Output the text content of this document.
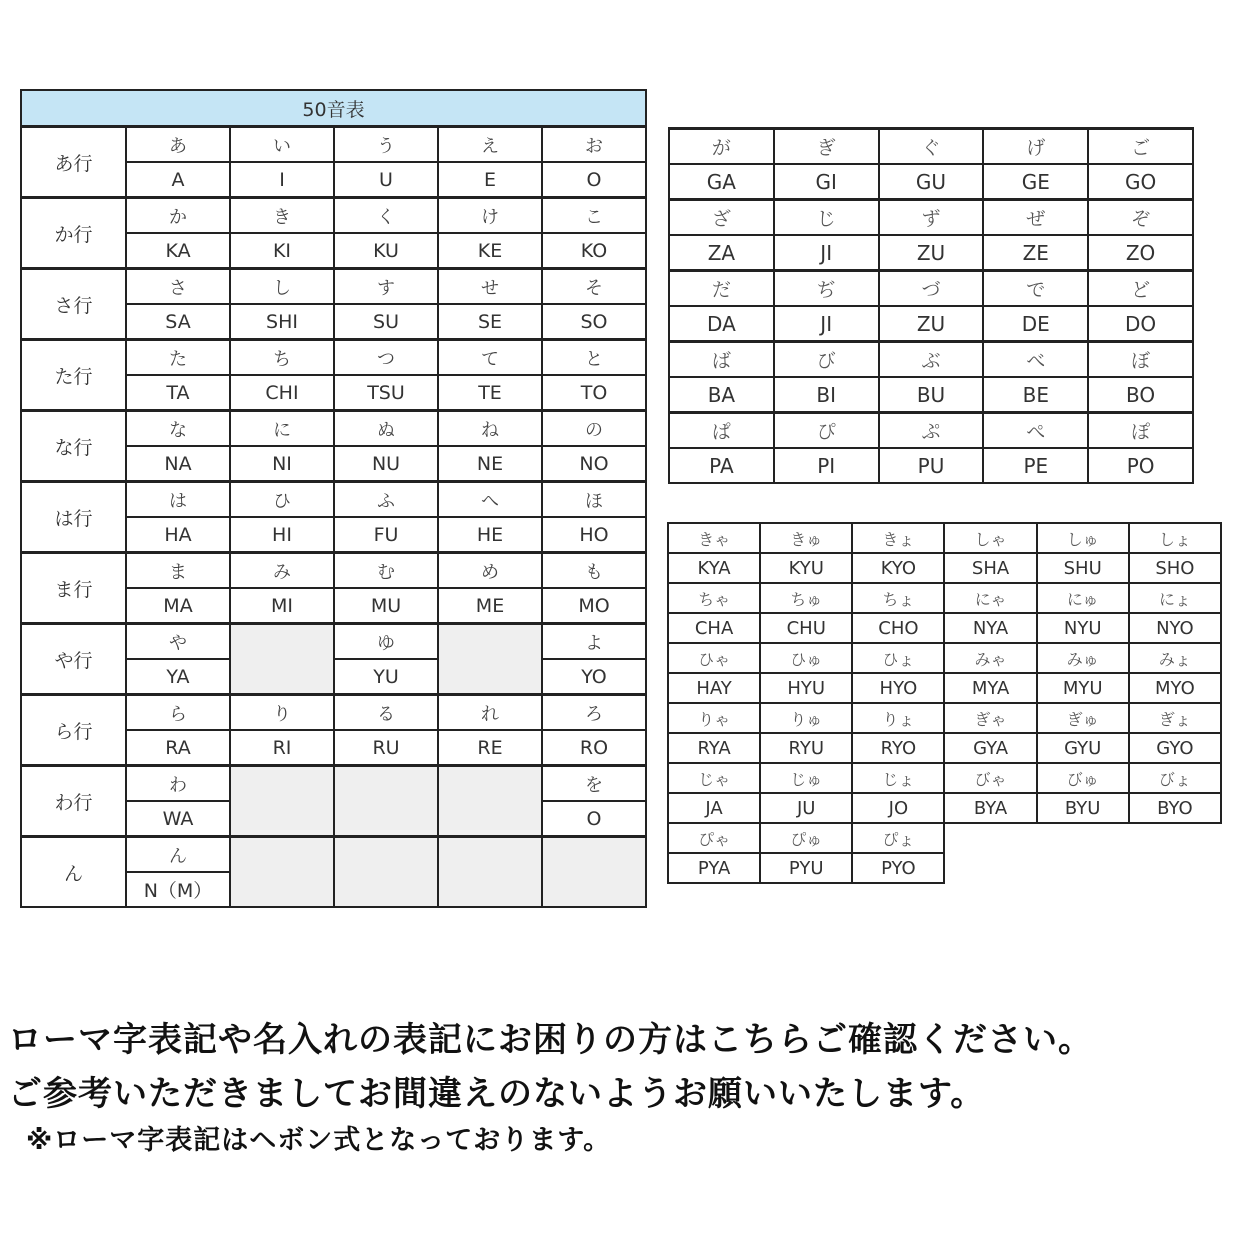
50音表					
あ行	あ	い	う	え	お
	A	I	U	E	O
か行	か	き	く	け	こ
	KA	KI	KU	KE	KO
さ行	さ	し	す	せ	そ
	SA	SHI	SU	SE	SO
た行	た	ち	つ	て	と
	TA	CHI	TSU	TE	TO
な行	な	に	ぬ	ね	の
	NA	NI	NU	NE	NO
は行	は	ひ	ふ	へ	ほ
	HA	HI	FU	HE	HO
ま行	ま	み	む	め	も
	MA	MI	MU	ME	MO
や行	や		ゆ		よ
	YA		YU		YO
ら行	ら	り	る	れ	ろ
	RA	RI	RU	RE	RO
わ行	わ				を
	WA				O
ん	ん				
	N（M）				
が	ぎ	ぐ	げ	ご
GA	GI	GU	GE	GO
ざ	じ	ず	ぜ	ぞ
ZA	JI	ZU	ZE	ZO
だ	ぢ	づ	で	ど
DA	JI	ZU	DE	DO
ば	び	ぶ	べ	ぼ
BA	BI	BU	BE	BO
ぱ	ぴ	ぷ	ぺ	ぽ
PA	PI	PU	PE	PO
きゃ	きゅ	きょ	しゃ	しゅ	しょ
KYA	KYU	KYO	SHA	SHU	SHO
ちゃ	ちゅ	ちょ	にゃ	にゅ	にょ
CHA	CHU	CHO	NYA	NYU	NYO
ひゃ	ひゅ	ひょ	みゃ	みゅ	みょ
HAY	HYU	HYO	MYA	MYU	MYO
りゃ	りゅ	りょ	ぎゃ	ぎゅ	ぎょ
RYA	RYU	RYO	GYA	GYU	GYO
じゃ	じゅ	じょ	びゃ	びゅ	びょ
JA	JU	JO	BYA	BYU	BYO
ぴゃ	ぴゅ	ぴょ			
PYA	PYU	PYO			
ローマ字表記や名入れの表記にお困りの方はこちらご確認ください。
ご参考いただきましてお間違えのないようお願いいたします。
※ローマ字表記はヘボン式となっております。
